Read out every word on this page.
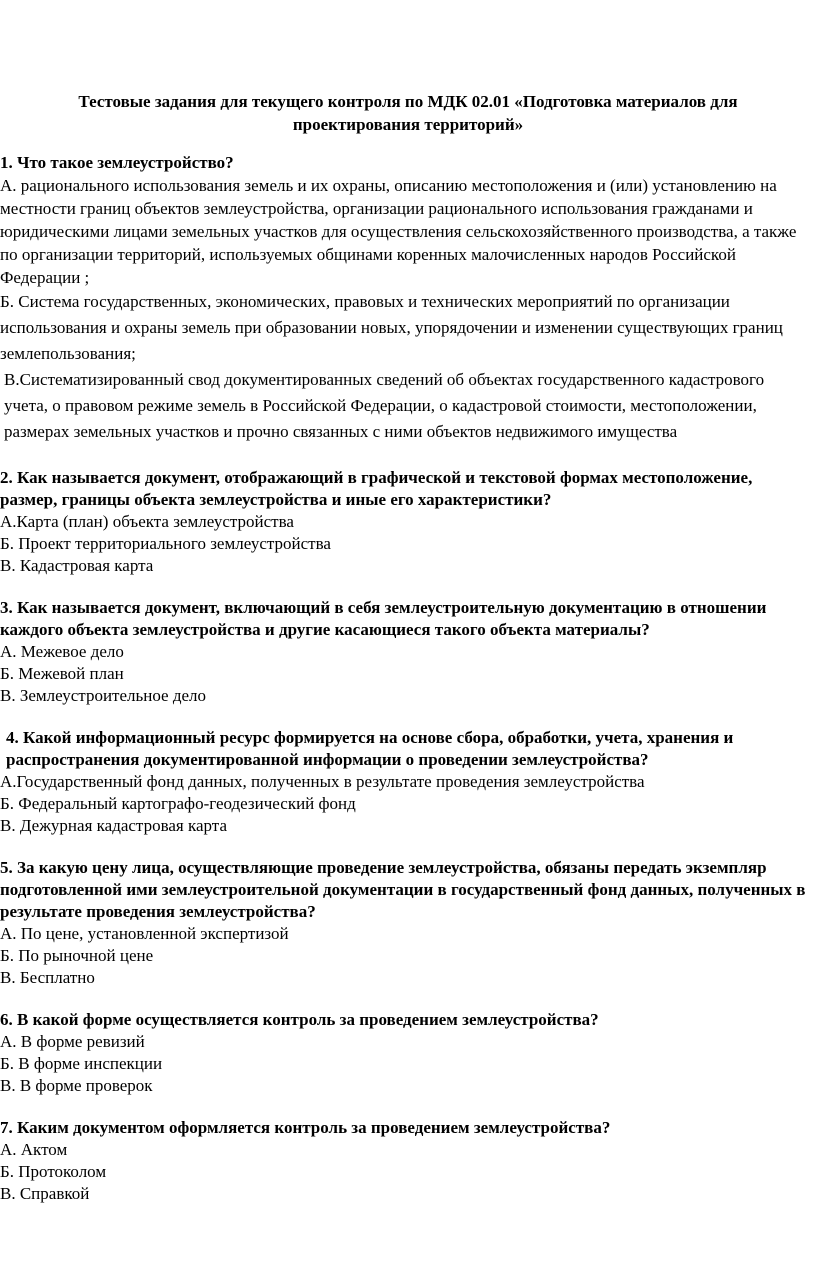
Тестовые задания для текущего контроля по МДК 02.01 «Подготовка материалов для проектирования территорий»

1. Что такое землеустройство?

А. рационального использования земель и их охраны, описанию местоположения и (или) установлению на местности границ объектов землеустройства, организации рационального использования гражданами и юридическими лицами земельных участков для осуществления сельскохозяйственного производства, а также по организации территорий, используемых общинами коренных малочисленных народов Российской Федерации ;

Б. Система государственных, экономических, правовых и технических мероприятий по организации использования и охраны земель при образовании новых, упорядочении и изменении существующих границ землепользования;

В.Систематизированный свод документированных сведений об объектах государственного кадастрового учета, о правовом режиме земель в Российской Федерации, о кадастровой стоимости, местоположении, размерах земельных участков и прочно связанных с ними объектов недвижимого имущества

2. Как называется документ, отображающий в графической и текстовой формах местоположение, размер, границы объекта землеустройства и иные его характеристики?

А.Карта (план) объекта землеустройства

Б. Проект территориального землеустройства

В. Кадастровая карта

3. Как называется документ, включающий в себя землеустроительную документацию в отношении каждого объекта землеустройства и другие касающиеся такого объекта материалы?

А. Межевое дело

Б. Межевой план

В. Землеустроительное дело

4. Какой информационный ресурс формируется на основе сбора, обработки, учета, хранения и распространения документированной информации о проведении землеустройства?

А.Государственный фонд данных, полученных в результате проведения землеустройства

Б. Федеральный картографо-геодезический фонд

В. Дежурная кадастровая карта

5. За какую цену лица, осуществляющие проведение землеустройства, обязаны передать экземпляр подготовленной ими землеустроительной документации в государственный фонд данных, полученных в результате проведения землеустройства?

А. По цене, установленной экспертизой

Б. По рыночной цене

В. Бесплатно

6. В какой форме осуществляется контроль за проведением землеустройства?

А. В форме ревизий

Б. В форме инспекции

В. В форме проверок

7. Каким документом оформляется контроль за проведением землеустройства?

А. Актом

Б. Протоколом

В. Справкой
